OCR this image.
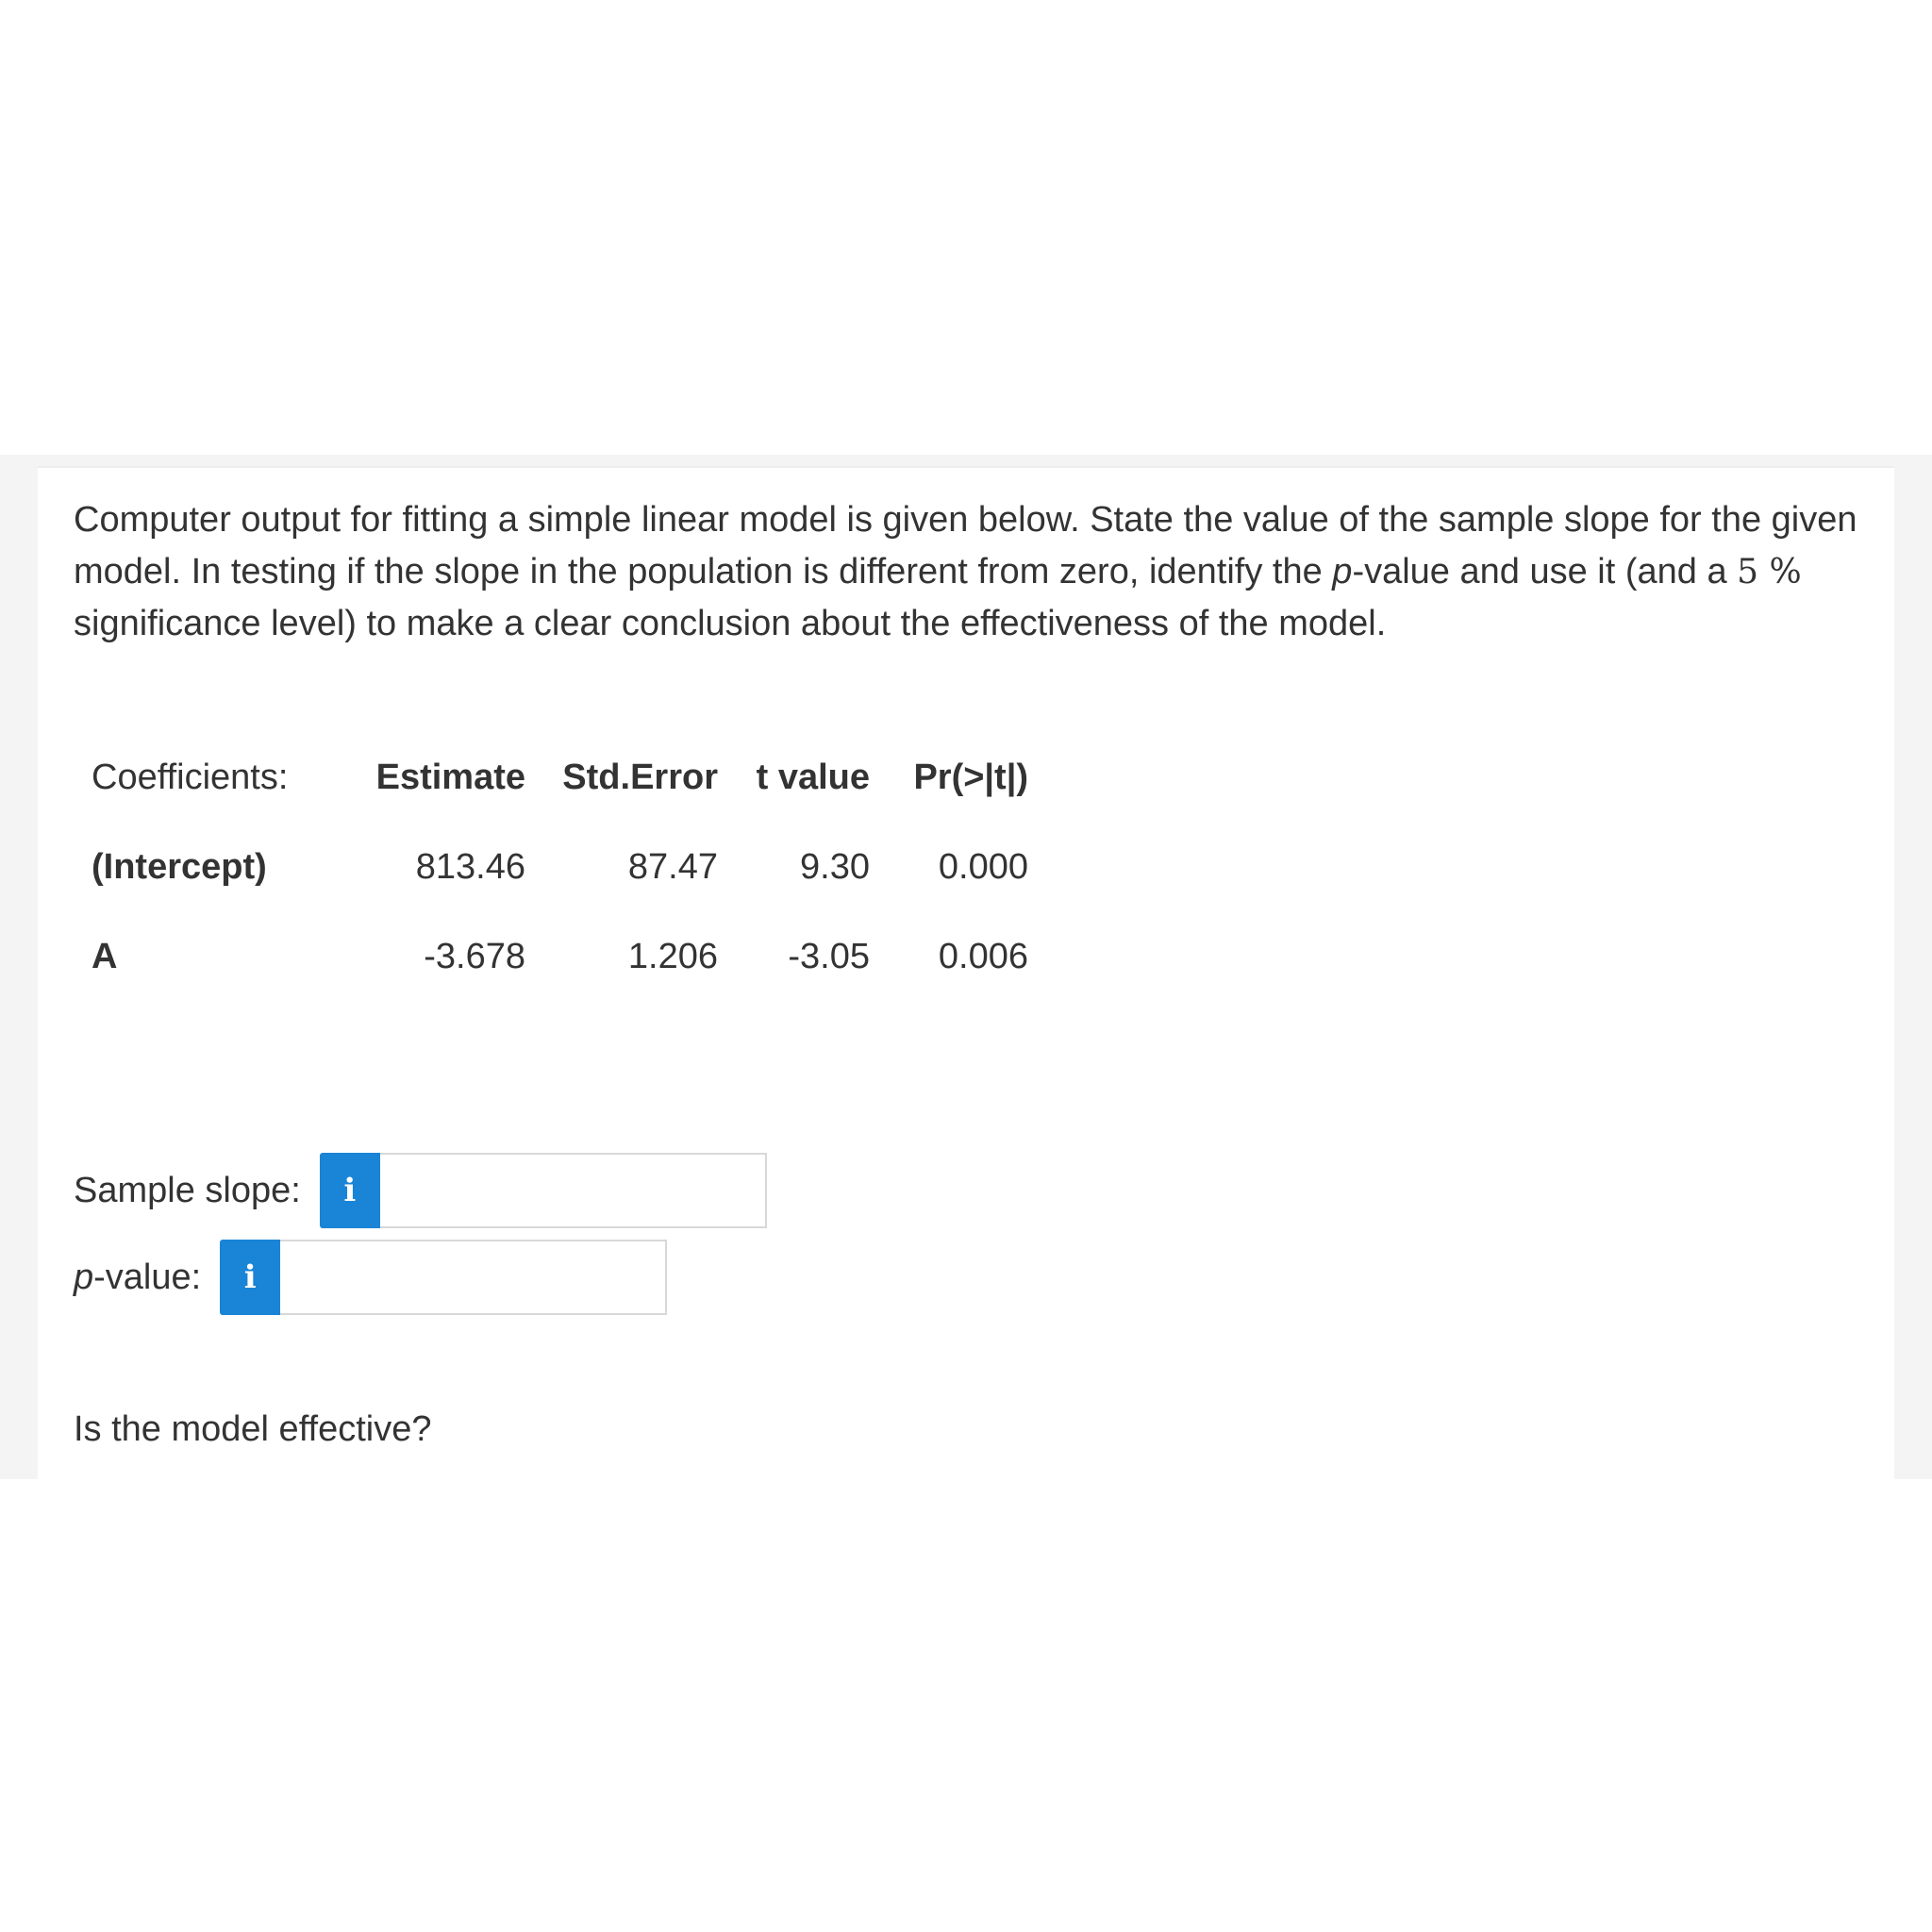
Computer output for fitting a simple linear model is given below. State the value of the sample slope for the given model. In testing if the slope in the population is different from zero, identify the p-value and use it (and a 5 % significance level) to make a clear conclusion about the effectiveness of the model.

Coefficients:	Estimate	Std.Error	t value	Pr(>|t|)
(Intercept)	813.46	87.47	9.30	0.000
A	-3.678	1.206	-3.05	0.006
Sample slope: i
p-value: i

Is the model effective?
